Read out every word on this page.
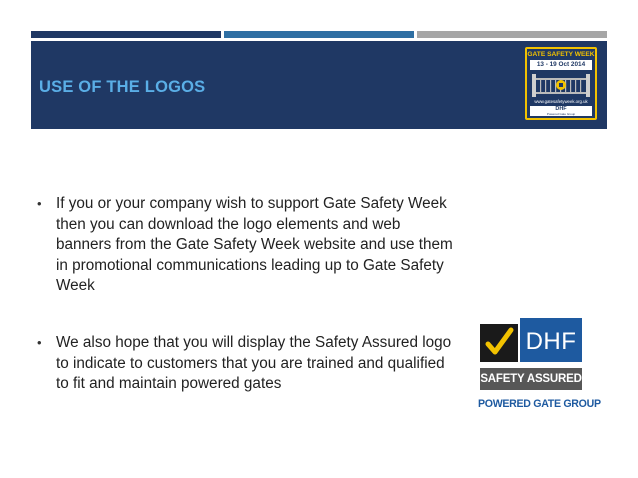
USE OF THE LOGOS
GATE SAFETY WEEK
13 - 19 Oct 2014
www.gatesafetyweek.org.uk
DHF
Powered Gate Group
• If you or your company wish to support Gate Safety Week then you can download the logo elements and web banners from the Gate Safety Week website and use them in promotional communications leading up to Gate Safety Week
• We also hope that you will display the Safety Assured logo to indicate to customers that you are trained and qualified to fit and maintain powered gates
DHF
SAFETY ASSURED
POWERED GATE GROUP
